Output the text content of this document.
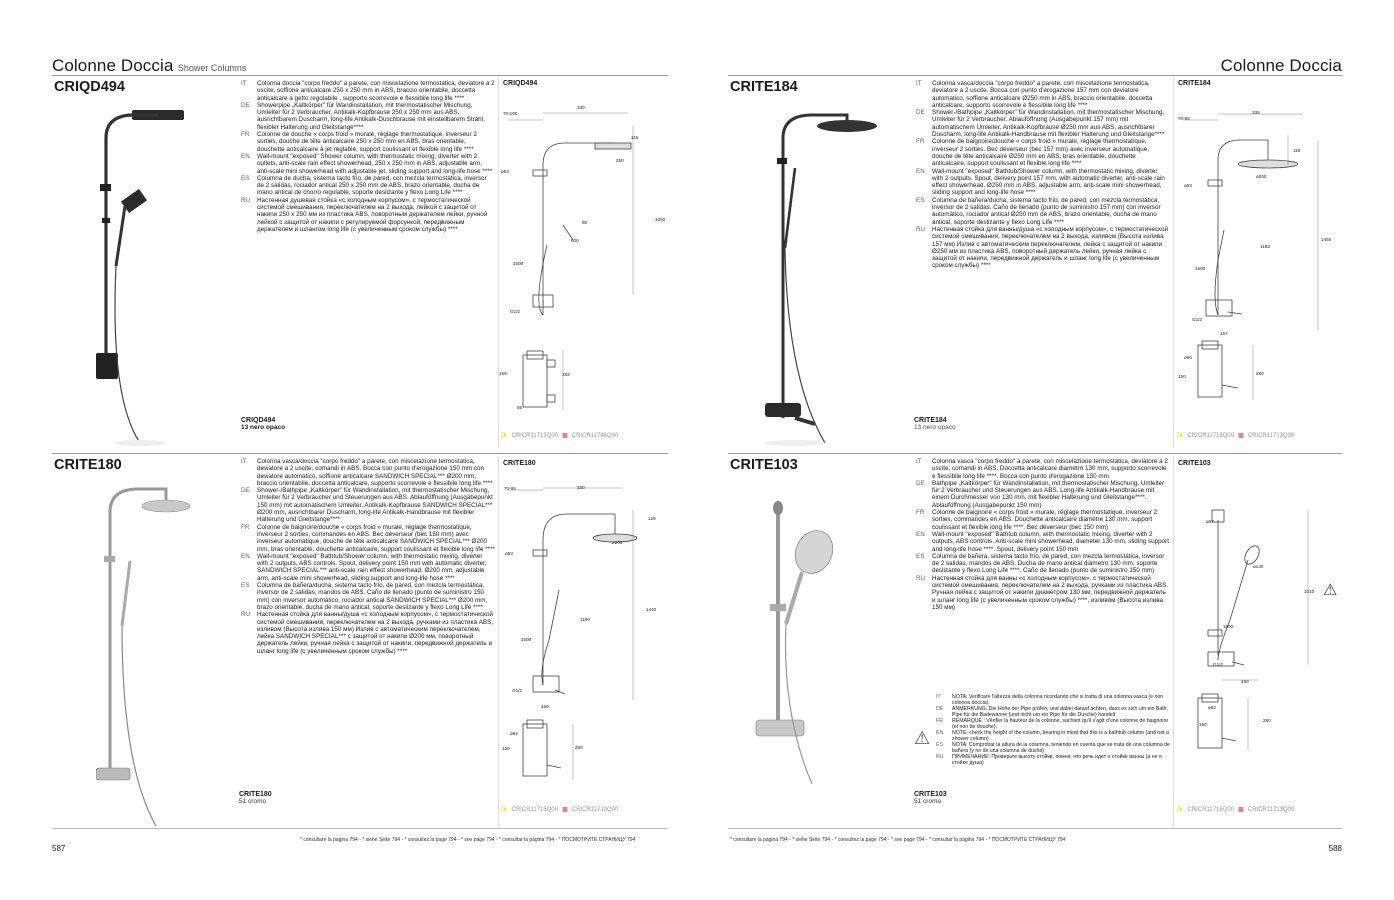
Colonne Doccia Shower Columns	Colonne Doccia
CRIQD494	IT	Colonna doccia "corpo freddo" a parete, con miscelazione termostatica, deviatore a 2 uscite, soffione anticalcare 250 x 250 mm in ABS, braccio orientabile, doccetta anticalcare a getto regolabile , supporto scorrevole e flessibile long life ****
DE	Showerpipe „Kaltkörper" für Wandinstallation, mit thermostatischer Mischung, Umleiter für 2 Verbraucher, Antikalk-Kopfbrause 250 x 250 mm aus ABS, ausrichtbarem Duscharm, long-life Antikalk-Duschbrause mit einstellbarem Strahl, flexibler Halterung und Gleitstange****
FR	Colonne de douche « corps froid » murale, réglage thermostatique, inverseur 2 sorties, douche de tête anticalcaire 250 x 250 mm en ABS, bras orientable, douchette anticalcaire à jet réglable, support coulissant et flexible long life ****
EN	Wall-mount "exposed" Shower column, with thermostatic mixing, diverter with 2 outlets, anti-scale rain effect showerhead, 250 x 250 mm in ABS, adjustable arm, anti-scale mini showerhead with adjustable jet, sliding support and long-life hose ****
ES	Columna de ducha, sistema tacto frio, de pared, con mezcla termostática, inversor de 2 salidas, rociador antical 250 x 250 mm de ABS, brazo orientable, ducha de mano antical de chorro regulable, soporte deslizante y flexo Long Life ****
RU	Настенная душевая стойка «с холодным корпусом», с термостатической системой смешивания, переключателем на 2 выхода, лейкой с защитой от накипи 250 x 250 мм из пластика ABS, поворотным держателем лейки, ручной лейкой с защитой от накипи с регулируемой форсункой, передвижным держателем и шлангом long life (с увеличенным сроком службы) ****
CRIQD494
13 nero opaco
CRIQD494
70-100
330
115
250
ø53
1050
95
800
1500
G1/2
150	283
65
✨ CRICR11715Q00 ▩ CRICR11746Q00
CRITE184	IT	Colonna vasca/doccia "corpo freddo" a parete, con miscelazione termostatica, deviatore a 2 uscite. Bocca con punto d'erogazione 157 mm con deviatore automatico, soffione anticalcare Ø250 mm in ABS, braccio orientabile, doccetta anticalcare, supporto scorrevole e flessibile long life ****
DE	Shower-/Bathpipe „Kaltkörper" für Wandinstallation, mit thermostatischer Mischung, Umleiter für 2 Verbraucher. Ablauföffnung (Ausgabepunkt 157 mm) mit automatischem Umleiter, Antikalk-Kopfbrause Ø250 mm aus ABS, ausrichtbarer Duscharm, long-life Antikalk-Handbrause mit flexibler Halterung und Gleitstange****
FR	Colonne de baignoire/douche « corps froid » murale, réglage thermostatique, inverseur 2 sorties. Bec déverseur (bec 157 mm) avec inverseur automatique, douche de tête anticalcaire Ø250 mm en ABS, bras orientable, douchette anticalcaire, support coulissant et flexible long life ****
EN	Wall-mount "exposed" Bathtub/Shower column, with thermostatic mixing, diverter with 2 outputs. Spout, delivery point 157 mm, with automatic diverter, anti-scale rain effect showerhead, Ø250 mm in ABS, adjustable arm, anti-scale mini showerhead, sliding support and long-life hose ****
ES	Columna de bañera/ducha, sistema tacto frío, de pared, con mezcla termostática, inversor de 2 salidas. Caño de llenado (punto de suministro 157 mm) con inversor automático, rociador antical Ø250 mm de ABS, brazo orientable, ducha de mano antical, soporte deslizante y flexo Long Life ****
RU	Настенная стойка для ванны/душа «с холодным корпусом», с термостатической системой смешивания, переключателем на 2 выхода, изливом (Высота излива 157 мм) Излив с автоматическим переключателем, лейка с защитой от накипи Ø250 мм из пластика ABS, поворотный держатель лейки, ручная лейка с защитой от накипи, передвижной держатель и шланг long life (с увеличенным сроком службы) ****
CRITE184
13 nero opaco
CRITE184
70-95
335
118
ø250
ø53
1185
1456
1500
G1/2
157
ø66
150
280
✨ CRICR11715Q00 ▩ CRICR11713Q00
CRITE180	IT	Colonna vasca/doccia "corpo freddo" a parete, con miscelazione termostatica, deviatore a 2 uscite, comandi in ABS. Bocca con punto d'erogazione 150 mm con deviatore automatico, soffione anticalcare SANDWICH SPECIAL*** Ø200 mm, braccio orientabile, doccetta anticalcare, supporto scorrevole e flessibile long life ****
DE	Shower-/Bathpipe „Kaltkörper" für Wandinstallation, mit thermostatischer Mischung, Umleiter für 2 Verbraucher und Steuerungen aus ABS. Ablauföffnung (Ausgabepunkt 150 mm) mit automatischem Umleiter, Antikalk-Kopfbrause SANDWICH SPECIAL*** Ø200 mm, ausrichtbarer Duscharm, long-life Antikalk-Handbrause mit flexibler Halterung und Gleitstange****
FR	Colonne de baignoire/douche « corps froid » murale, réglage thermostatique, inverseur 2 sorties, commandes en ABS. Bec déverseur (bec 150 mm) avec inverseur automatique, douche de tête anticalcaire SANDWICH SPECIAL*** Ø200 mm, bras orientable, douchette anticalcaire, support coulissant et flexible long life ****
EN	Wall-mount "exposed" Bathtub/Shower column, with thermostatic mixing, diverter with 2 outputs, ABS controls. Spout, delivery point 150 mm with automatic diverter, SANDWICH SPECIAL*** anti-scale rain effect showerhead, Ø200 mm, adjustable arm, anti-scale mini showerhead, sliding support and long-life hose ****
ES	Columna de bañera/ducha, sistema tacto frío, de pared, con mezcla termostática, inversor de 2 salidas, mandos de ABS. Caño de llenado (punto de suministro 150 mm) con inversor automático, rociador antical SANDWICH SPECIAL*** Ø200 mm, brazo orientable, ducha de mano antical, soporte deslizante y flexo Long Life ****
RU	Настенная стойка для ванны/душа «с холодным корпусом», с термостатической системой смешивания, переключателем на 2 выхода, ручками из пластика ABS, изливом (Высота излива 150 мм) Излив с автоматическим переключателем, лейка SANDWICH SPECIAL*** с защитой от накипи Ø200 мм, поворотный держатель лейки, ручная лейка с защитой от накипи, передвижной держатель и шланг long life (с увеличенным сроком службы) ****
CRITE180
51 cromo
CRITE180
70-95	330
120
ø205
ø53
1190
1440
1500
G1/2
150
ø62
150	280
✨ CRICR11715Q00 ▩ CRICR11713Q00
CRITE103	IT	Colonna vasca "corpo freddo" a parete, con miscelazione termostatica, deviatore a 2 uscite, comandi in ABS. Doccetta anticalcare diametro 130 mm, supporto scorrevole e flessibile long life ****. Bocca con punto d'erogazione 150 mm
DE	Bathpipe „Kaltkörper" für Wandinstallation, mit thermostatischer Mischung, Umleiter für 2 Verbraucher und Steuerungen aus ABS. Long-life Antikalk-Handbrause mit einem Durchmesser von 130 mm, mit flexibler Halterung und Gleitstange****. Ablauföffnung (Ausgabepunkt 150 mm)
FR	Colonne de baignoire « corps froid » murale, réglage thermostatique, inverseur 2 sorties, commandes en ABS. Douchette anticalcaire diamètre 130 mm, support coulissant et flexible long life ****. Bec déverseur (bec 150 mm)
EN	Wall-mount "exposed" Bathtub column, with thermostatic mixing, diverter with 2 outputs, ABS controls. Anti-scale mini showerhead, diameter 130 mm, sliding support and long-life hose ****. Spout, delivery point 150 mm
ES	Columna de bañera, sistema tacto frío, de pared, con mezcla termostática, inversor de 2 salidas, mandos de ABS. Ducha de mano antical diámetro 130 mm, soporte deslizante y flexo Long Life ****. Caño de llenado (punto de suministro 150 mm)
RU	Настенная стойка для ванны «с холодным корпусом», с термостатической системой смешивания, переключателем на 2 выхода, ручками из пластика ABS. Ручная лейка с защитой от накипи диаметром 130 мм, передвижной держатель и шланг long life (с увеличенным сроком службы) ****, изливом (Высота излива 150 мм)
⚠
IT	NOTA: Verificare l'altezza della colonna ricordando che si tratta di una colonna vasca (e non colonna doccia).
DE	ANMERKUNG: Die Höhe der Pipe prüfen, und dabei darauf achten, dass es sich um ein Bath Pipe für die Badewanne (und nicht um ein Pipe für die Dusche) handelt
FR	REMARQUE : Vérifier la hauteur de la colonne, sachant qu'il s'agit d'une colonne de baignoire (et non de douche).
EN	NOTE: check the height of the column, bearing in mind that this is a bathtub column (and not a shower column)
ES	NOTA: Comprobar la altura de la columna, teniendo en cuenta que se trata de una columna de bañera (y no de una columna de ducha)
RU	ПРИМЕЧАНИЕ: Проверьте высоту стойки, помня, что речь идет о стойке ванны (а не о стойке душа)
CRITE103
51 cromo
CRITE103
⚠
ø67
ø130
1010
1500
G1/2
150
ø62
150
280
✨ CRICR11715Q00 ▩ CRICR11713Q00
* consultare la pagina 794 - * siehe Seite 794 - * consultez la page 794 - * see page 794 - * consultar la página 794 - * ПОСМОТРИТЕ СТРАНИЦУ 794	* consultare la pagina 794 - * siehe Seite 794 - * consultez la page 794 - * see page 794 - * consultar la página 794 - * ПОСМОТРИТЕ СТРАНИЦУ 794
587	588
